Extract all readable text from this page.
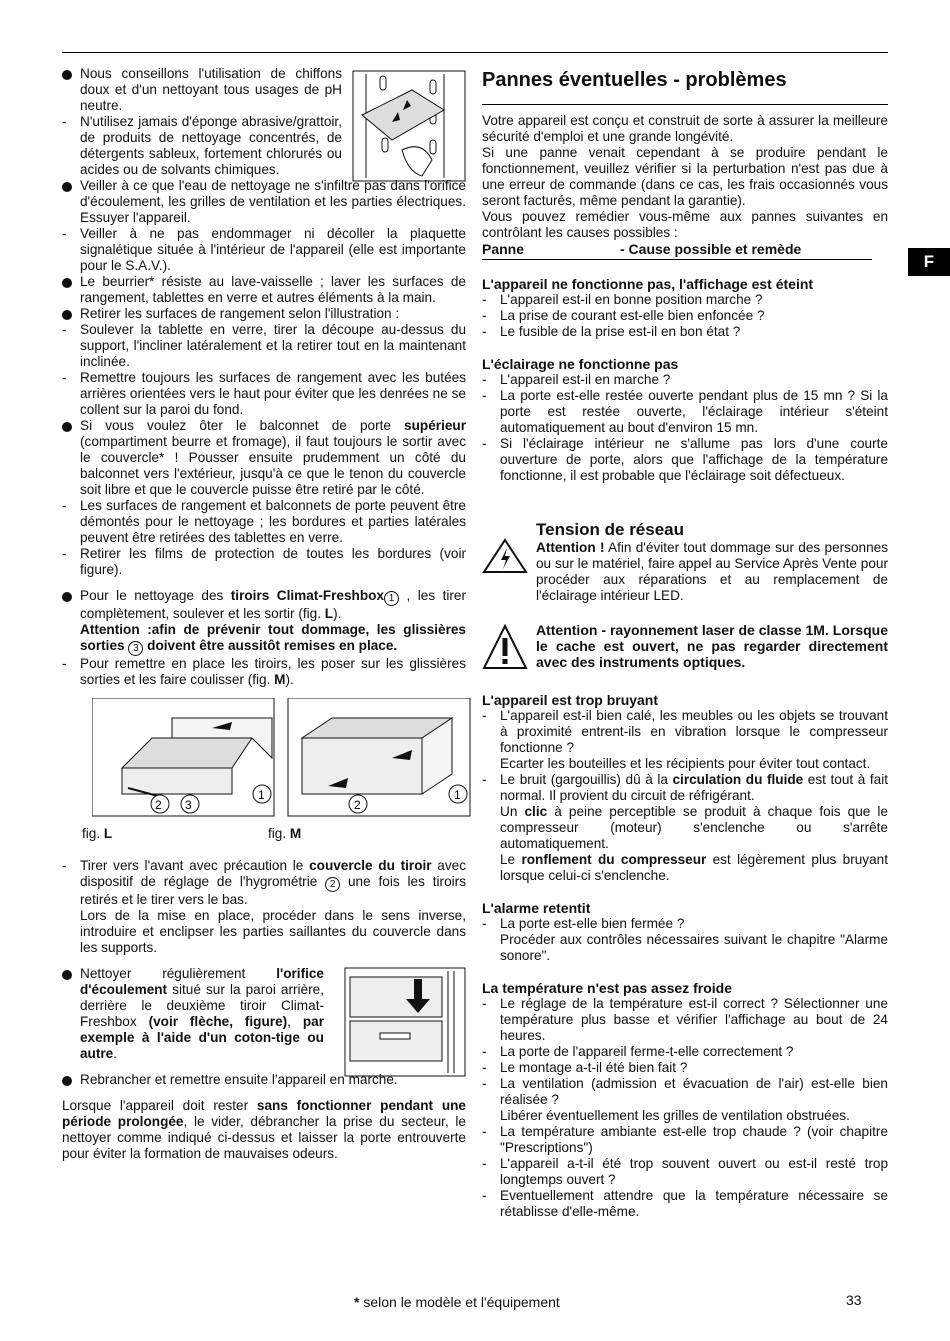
F
Nous conseillons l'utilisation de chiffons doux et d'un nettoyant tous usages de pH neutre.
- N'utilisez jamais d'éponge abrasive/grattoir, de produits de nettoyage concentrés, de détergents sableux, fortement chlorurés ou acides ou de solvants chimiques.
Veiller à ce que l'eau de nettoyage ne s'infiltre pas dans l'orifice d'écoulement, les grilles de ventilation et les parties électriques. Essuyer l'appareil.
- Veiller à ne pas endommager ni décoller la plaquette signalétique située à l'intérieur de l'appareil (elle est importante pour le S.A.V.).
Le beurrier* résiste au lave-vaisselle ; laver les surfaces de rangement, tablettes en verre et autres éléments à la main.
Retirer les surfaces de rangement selon l'illustration :
- Soulever la tablette en verre, tirer la découpe au-dessus du support, l'incliner latéralement et la retirer tout en la maintenant inclinée.
- Remettre toujours les surfaces de rangement avec les butées arrières orientées vers le haut pour éviter que les denrées ne se collent sur la paroi du fond.
Si vous voulez ôter le balconnet de porte supérieur (compartiment beurre et fromage), il faut toujours le sortir avec le couvercle* ! Pousser ensuite prudemment un côté du balconnet vers l'extérieur, jusqu'à ce que le tenon du couvercle soit libre et que le couvercle puisse être retiré par le côté.
- Les surfaces de rangement et balconnets de porte peuvent être démontés pour le nettoyage ; les bordures et parties latérales peuvent être retirées des tablettes en verre.
- Retirer les films de protection de toutes les bordures (voir figure).
Pour le nettoyage des tiroirs Climat-Freshbox 1 , les tirer complètement, soulever et les sortir (fig. L).
Attention :afin de prévenir tout dommage, les glissières sorties 3 doivent être aussitôt remises en place.
- Pour remettre en place les tiroirs, les poser sur les glissières sorties et les faire coulisser (fig. M).
2 3
1
2
1
fig. L	fig. M
- Tirer vers l'avant avec précaution le couvercle du tiroir avec dispositif de réglage de l'hygrométrie 2 une fois les tiroirs retirés et le tirer vers le bas.
Lors de la mise en place, procéder dans le sens inverse, introduire et enclipser les parties saillantes du couvercle dans les supports.
Nettoyer régulièrement l'orifice d'écoulement situé sur la paroi arrière, derrière le deuxième tiroir Climat-Freshbox (voir flèche, figure), par exemple à l'aide d'un coton-tige ou autre.
Rebrancher et remettre ensuite l'appareil en marche.

Lorsque l'appareil doit rester sans fonctionner pendant une période prolongée, le vider, débrancher la prise du secteur, le nettoyer comme indiqué ci-dessus et laisser la porte entrouverte pour éviter la formation de mauvaises odeurs.

Pannes éventuelles - problèmes

Votre appareil est conçu et construit de sorte à assurer la meilleure sécurité d'emploi et une grande longévité.

Si une panne venait cependant à se produire pendant le fonctionnement, veuillez vérifier si la perturbation n'est pas due à une erreur de commande (dans ce cas, les frais occasionnés vous seront facturés, même pendant la garantie).

Vous pouvez remédier vous-même aux pannes suivantes en contrôlant les causes possibles :

Panne	- Cause possible et remède
L'appareil ne fonctionne pas, l'affichage est éteint
- L'appareil est-il en bonne position marche ?
- La prise de courant est-elle bien enfoncée ?
- Le fusible de la prise est-il en bon état ?
L'éclairage ne fonctionne pas
- L'appareil est-il en marche ?
- La porte est-elle restée ouverte pendant plus de 15 mn ? Si la porte est restée ouverte, l'éclairage intérieur s'éteint automatiquement au bout d'environ 15 mn.
- Si l'éclairage intérieur ne s'allume pas lors d'une courte ouverture de porte, alors que l'affichage de la température fonctionne, il est probable que l'éclairage soit défectueux.
Tension de réseau
Attention ! Afin d'éviter tout dommage sur des personnes ou sur le matériel, faire appel au Service Après Vente pour procéder aux réparations et au remplacement de l'éclairage intérieur LED.
Attention - rayonnement laser de classe 1M. Lorsque le cache est ouvert, ne pas regarder directement avec des instruments optiques.
L'appareil est trop bruyant
- L'appareil est-il bien calé, les meubles ou les objets se trouvant à proximité entrent-ils en vibration lorsque le compresseur fonctionne ?
Ecarter les bouteilles et les récipients pour éviter tout contact.
- Le bruit (gargouillis) dû à la circulation du fluide est tout à fait normal. Il provient du circuit de réfrigérant.
Un clic à peine perceptible se produit à chaque fois que le compresseur (moteur) s'enclenche ou s'arrête automatiquement.
Le ronflement du compresseur est légèrement plus bruyant lorsque celui-ci s'enclenche.
L'alarme retentit
- La porte est-elle bien fermée ?
Procéder aux contrôles nécessaires suivant le chapitre "Alarme sonore".
La température n'est pas assez froide
- Le réglage de la température est-il correct ? Sélectionner une température plus basse et vérifier l'affichage au bout de 24 heures.
- La porte de l'appareil ferme-t-elle correctement ?
- Le montage a-t-il été bien fait ?
- La ventilation (admission et évacuation de l'air) est-elle bien réalisée ?
Libérer éventuellement les grilles de ventilation obstruées.
- La température ambiante est-elle trop chaude ? (voir chapitre "Prescriptions")
- L'appareil a-t-il été trop souvent ouvert ou est-il resté trop longtemps ouvert ?
- Eventuellement attendre que la température nécessaire se rétablisse d'elle-même.
* selon le modèle et l'équipement	33
